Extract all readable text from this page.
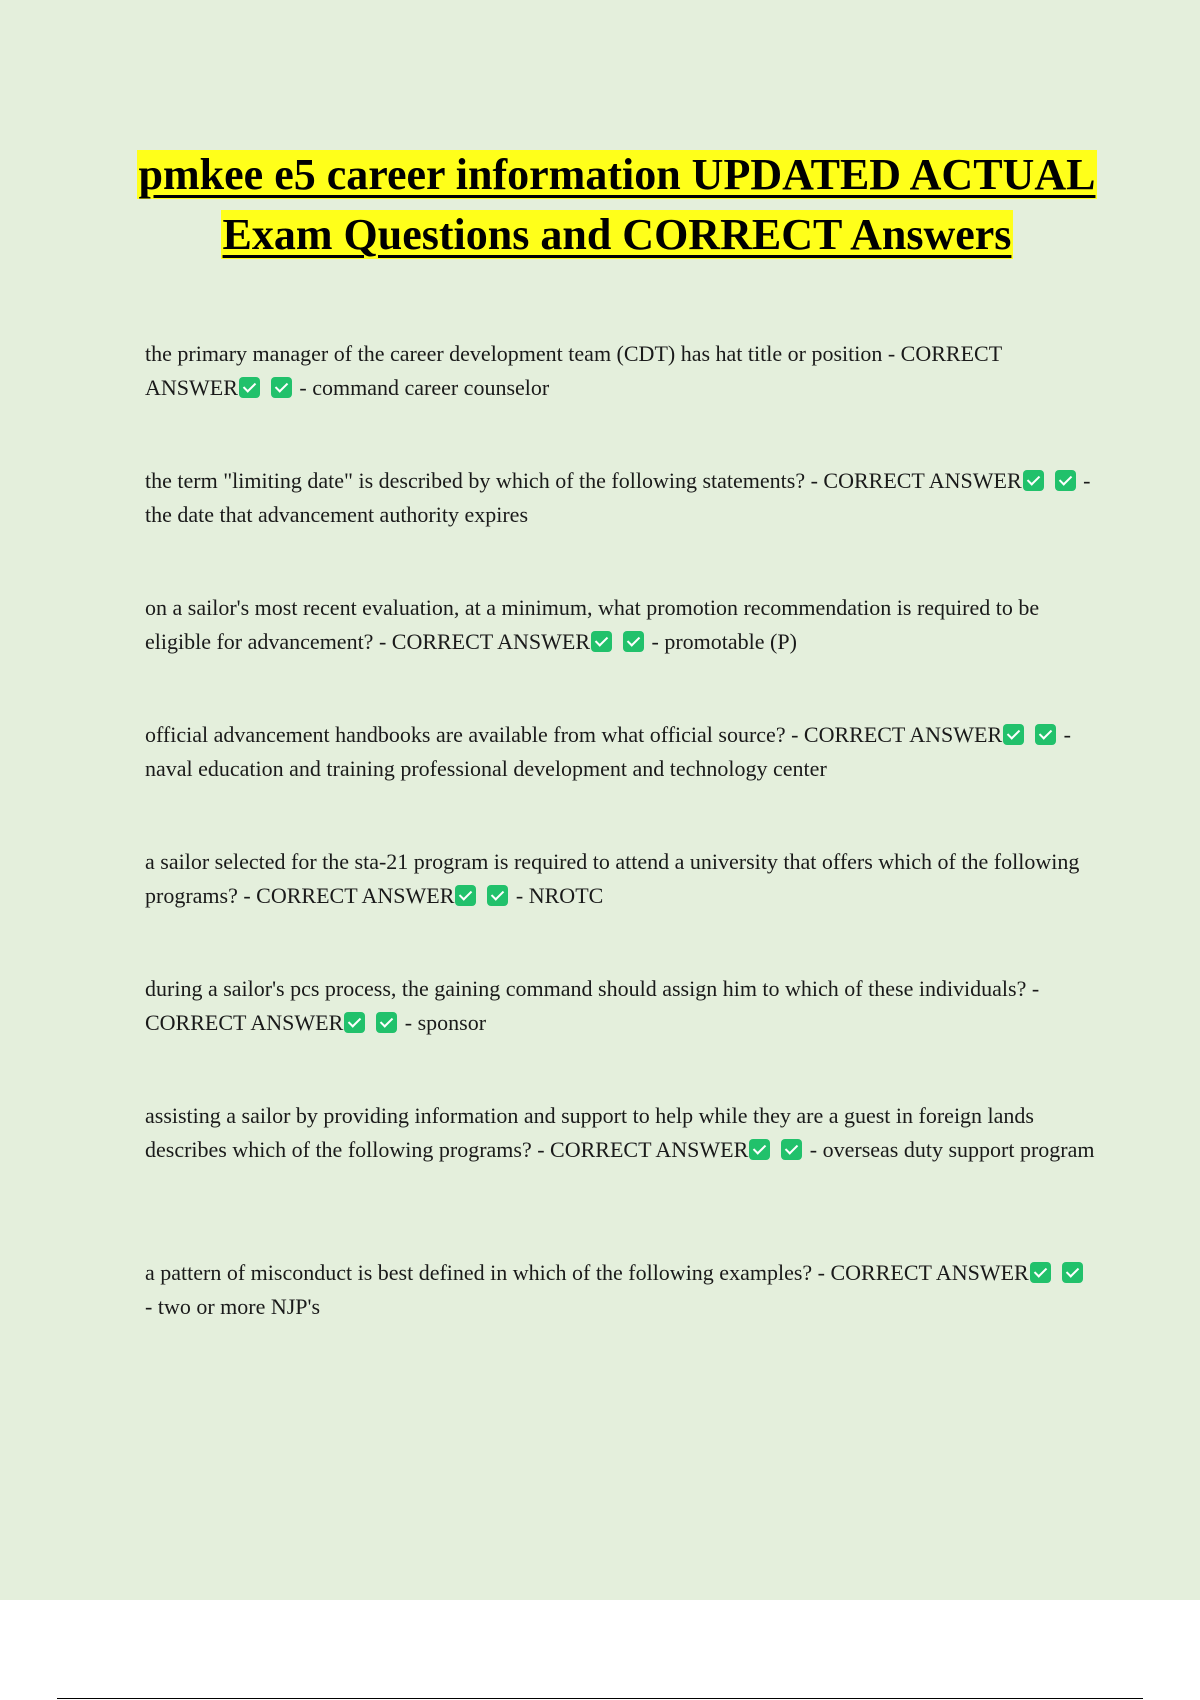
pmkee e5 career information UPDATED ACTUAL Exam Questions and CORRECT Answers

the primary manager of the career development team (CDT) has hat title or position - CORRECT ANSWER	- command career counselor

the term "limiting date" is described by which of the following statements? - CORRECT ANSWER	- the date that advancement authority expires

on a sailor's most recent evaluation, at a minimum, what promotion recommendation is required to be eligible for advancement? - CORRECT ANSWER	- promotable (P)

official advancement handbooks are available from what official source? - CORRECT ANSWER	- naval education and training professional development and technology center

a sailor selected for the sta-21 program is required to attend a university that offers which of the following programs? - CORRECT ANSWER	- NROTC

during a sailor's pcs process, the gaining command should assign him to which of these individuals? - CORRECT ANSWER	- sponsor

assisting a sailor by providing information and support to help while they are a guest in foreign lands describes which of the following programs? - CORRECT ANSWER	- overseas duty support program

a pattern of misconduct is best defined in which of the following examples? - CORRECT ANSWER - two or more NJP's
